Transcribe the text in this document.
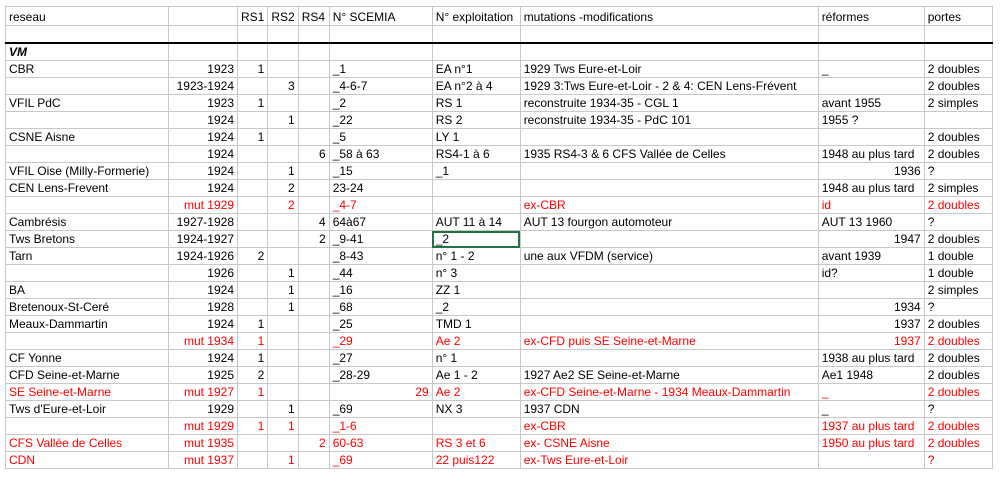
reseau		RS1	RS2	RS4	N° SCEMIA	N° exploitation	mutations -modifications	réformes	portes

VM									
CBR	1923	1			_1	EA n°1	1929 Tws Eure-et-Loir	_	2 doubles
	1923-1924		3		_4-6-7	EA n°2 à 4	1929 3:Tws Eure-et-Loir - 2 & 4: CEN Lens-Frévent		2 doubles
VFIL PdC	1923	1			_2	RS 1	reconstruite 1934-35 - CGL 1	avant 1955	2 simples
	1924		1		_22	RS 2	reconstruite 1934-35 - PdC 101	1955 ?	
CSNE Aisne	1924	1			_5	LY 1			2 doubles
	1924			6	_58 à 63	RS4-1 à 6	1935 RS4-3 & 6 CFS Vallée de Celles	1948 au plus tard	2 doubles
VFIL Oise (Milly-Formerie)	1924		1		_15	_1		1936	?
CEN Lens-Frevent	1924		2		23-24			1948 au plus tard	2 simples
	mut 1929		2		_4-7		ex-CBR	id	2 doubles
Cambrésis	1927-1928			4	64à67	AUT 11 à 14	AUT 13 fourgon automoteur	AUT 13 1960	?
Tws Bretons	1924-1927			2	_9-41	_2		1947	2 doubles
Tarn	1924-1926	2			_8-43	n° 1 - 2	une aux VFDM (service)	avant 1939	1 double
	1926		1		_44	n° 3		id?	1 double
BA	1924		1		_16	ZZ 1			2 simples
Bretenoux-St-Ceré	1928		1		_68	_2		1934	?
Meaux-Dammartin	1924	1			_25	TMD 1		1937	2 doubles
	mut 1934	1			_29	Ae 2	ex-CFD puis SE Seine-et-Marne	1937	2 doubles
CF Yonne	1924	1			_27	n° 1		1938 au plus tard	2 doubles
CFD Seine-et-Marne	1925	2			_28-29	Ae 1 - 2	1927 Ae2 SE Seine-et-Marne	Ae1 1948	2 doubles
SE Seine-et-Marne	mut 1927	1			29	Ae 2	ex-CFD Seine-et-Marne - 1934 Meaux-Dammartin	_	2 doubles
Tws d'Eure-et-Loir	1929		1		_69	NX 3	1937 CDN	_	?
	mut 1929	1	1		_1-6		ex-CBR	1937 au plus tard	2 doubles
CFS Vallée de Celles	mut 1935			2	60-63	RS 3 et 6	ex- CSNE Aisne	1950 au plus tard	2 doubles
CDN	mut 1937		1		_69	22 puis122	ex-Tws Eure-et-Loir		?
